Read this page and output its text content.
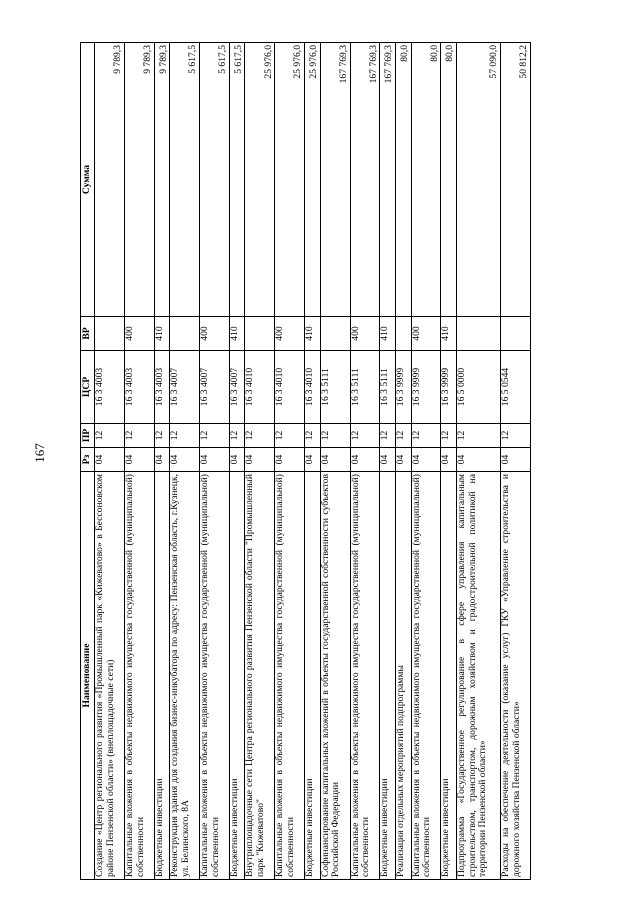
167
Наименование	Рз	ПР	ЦСР	ВР	Сумма
Создание «Центр регионального развития «Промышленный парк «Кижеватово» в Бессоновском районе Пензенской области» (внеплощадочные сети)	04	12	16 3 4003		9 789,3
Капитальные вложения в объекты недвижимого имущества государственной (муниципальной) собственности	04	12	16 3 4003	400	9 789,3
Бюджетные инвестиции	04	12	16 3 4003	410	9 789,3
Реконструкция здания для создания бизнес-инкубатора по адресу: Пензенская область, г.Кузнецк, ул. Белинского, 8А	04	12	16 3 4007		5 617,5
Капитальные вложения в объекты недвижимого имущества государственной (муниципальной) собственности	04	12	16 3 4007	400	5 617,5
Бюджетные инвестиции	04	12	16 3 4007	410	5 617,5
Внутриплощадочные сети Центра регионального развития Пензенской области "Промышленный парк "Кижеватово"	04	12	16 3 4010		25 976,0
Капитальные вложения в объекты недвижимого имущества государственной (муниципальной) собственности	04	12	16 3 4010	400	25 976,0
Бюджетные инвестиции	04	12	16 3 4010	410	25 976,0
Софинансирование капитальных вложений в объекты государственной собственности субъектов Российской Федерации	04	12	16 3 5111		167 769,3
Капитальные вложения в объекты недвижимого имущества государственной (муниципальной) собственности	04	12	16 3 5111	400	167 769,3
Бюджетные инвестиции	04	12	16 3 5111	410	167 769,3
Реализация отдельных мероприятий подпрограммы	04	12	16 3 9999		80,0
Капитальные вложения в объекты недвижимого имущества государственной (муниципальной) собственности	04	12	16 3 9999	400	80,0
Бюджетные инвестиции	04	12	16 3 9999	410	80,0
Подпрограмма «Государственное регулирование в сфере управления капитальным строительством, транспортом, дорожным хозяйством и градостроительной политикой на территории Пензенской области»	04	12	16 5 0000		57 090,0
Расходы на обеспечение деятельности (оказание услуг) ГКУ «Управление строительства и дорожного хозяйства Пензенской области»	04	12	16 5 0544		50 812,2
